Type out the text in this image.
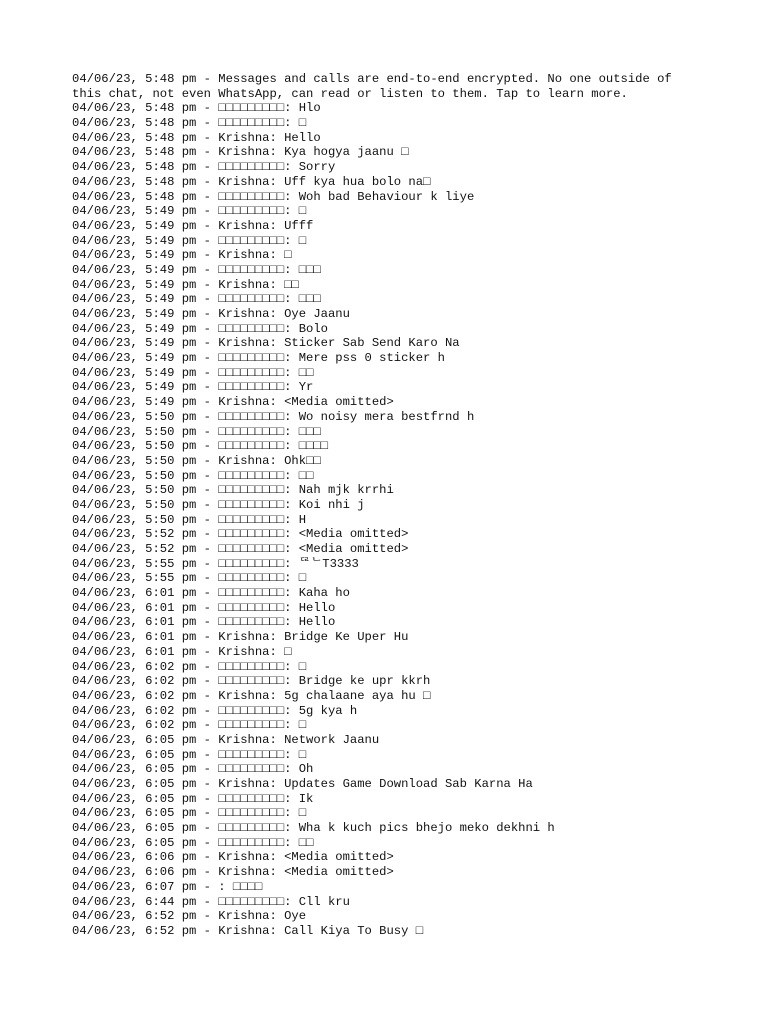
04/06/23, 5:48 pm - Messages and calls are end-to-end encrypted. No one outside of
this chat, not even WhatsApp, can read or listen to them. Tap to learn more.
04/06/23, 5:48 pm - □□□□□□□□□: Hlo
04/06/23, 5:48 pm - □□□□□□□□□: □
04/06/23, 5:48 pm - Krishna: Hello
04/06/23, 5:48 pm - Krishna: Kya hogya jaanu □
04/06/23, 5:48 pm - □□□□□□□□□: Sorry
04/06/23, 5:48 pm - Krishna: Uff kya hua bolo na□
04/06/23, 5:48 pm - □□□□□□□□□: Woh bad Behaviour k liye
04/06/23, 5:49 pm - □□□□□□□□□: □
04/06/23, 5:49 pm - Krishna: Ufff
04/06/23, 5:49 pm - □□□□□□□□□: □
04/06/23, 5:49 pm - Krishna: □
04/06/23, 5:49 pm - □□□□□□□□□: □□□
04/06/23, 5:49 pm - Krishna: □□
04/06/23, 5:49 pm - □□□□□□□□□: □□□
04/06/23, 5:49 pm - Krishna: Oye Jaanu
04/06/23, 5:49 pm - □□□□□□□□□: Bolo
04/06/23, 5:49 pm - Krishna: Sticker Sab Send Karo Na
04/06/23, 5:49 pm - □□□□□□□□□: Mere pss 0 sticker h
04/06/23, 5:49 pm - □□□□□□□□□: □□
04/06/23, 5:49 pm - □□□□□□□□□: Yr
04/06/23, 5:49 pm - Krishna: <Media omitted>
04/06/23, 5:50 pm - □□□□□□□□□: Wo noisy mera bestfrnd h
04/06/23, 5:50 pm - □□□□□□□□□: □□□
04/06/23, 5:50 pm - □□□□□□□□□: □□□□
04/06/23, 5:50 pm - Krishna: Ohk□□
04/06/23, 5:50 pm - □□□□□□□□□: □□
04/06/23, 5:50 pm - □□□□□□□□□: Nah mjk krrhi
04/06/23, 5:50 pm - □□□□□□□□□: Koi nhi j
04/06/23, 5:50 pm - □□□□□□□□□: H
04/06/23, 5:52 pm - □□□□□□□□□: <Media omitted>
04/06/23, 5:52 pm - □□□□□□□□□: <Media omitted>
04/06/23, 5:55 pm - □□□□□□□□□: ᄃᄅᄂT3333
04/06/23, 5:55 pm - □□□□□□□□□: □
04/06/23, 6:01 pm - □□□□□□□□□: Kaha ho
04/06/23, 6:01 pm - □□□□□□□□□: Hello
04/06/23, 6:01 pm - □□□□□□□□□: Hello
04/06/23, 6:01 pm - Krishna: Bridge Ke Uper Hu
04/06/23, 6:01 pm - Krishna: □
04/06/23, 6:02 pm - □□□□□□□□□: □
04/06/23, 6:02 pm - □□□□□□□□□: Bridge ke upr kkrh
04/06/23, 6:02 pm - Krishna: 5g chalaane aya hu □
04/06/23, 6:02 pm - □□□□□□□□□: 5g kya h
04/06/23, 6:02 pm - □□□□□□□□□: □
04/06/23, 6:05 pm - Krishna: Network Jaanu
04/06/23, 6:05 pm - □□□□□□□□□: □
04/06/23, 6:05 pm - □□□□□□□□□: Oh
04/06/23, 6:05 pm - Krishna: Updates Game Download Sab Karna Ha
04/06/23, 6:05 pm - □□□□□□□□□: Ik
04/06/23, 6:05 pm - □□□□□□□□□: □
04/06/23, 6:05 pm - □□□□□□□□□: Wha k kuch pics bhejo meko dekhni h
04/06/23, 6:05 pm - □□□□□□□□□: □□
04/06/23, 6:06 pm - Krishna: <Media omitted>
04/06/23, 6:06 pm - Krishna: <Media omitted>
04/06/23, 6:07 pm - : □□□□
04/06/23, 6:44 pm - □□□□□□□□□: Cll kru
04/06/23, 6:52 pm - Krishna: Oye
04/06/23, 6:52 pm - Krishna: Call Kiya To Busy □
